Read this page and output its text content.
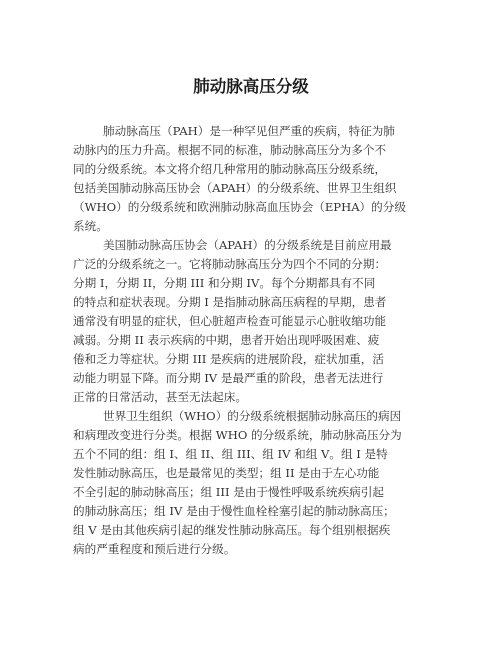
肺动脉高压分级
肺动脉高压（PAH）是一种罕见但严重的疾病，特征为肺
动脉内的压力升高。根据不同的标准，肺动脉高压分为多个不
同的分级系统。本文将介绍几种常用的肺动脉高压分级系统，
包括美国肺动脉高压协会（APAH）的分级系统、世界卫生组织
（WHO）的分级系统和欧洲肺动脉高血压协会（EPHA）的分级
系统。
美国肺动脉高压协会（APAH）的分级系统是目前应用最
广泛的分级系统之一。它将肺动脉高压分为四个不同的分期：
分期 I，分期 II，分期 III 和分期 IV。每个分期都具有不同
的特点和症状表现。分期 I 是指肺动脉高压病程的早期，患者
通常没有明显的症状，但心脏超声检查可能显示心脏收缩功能
减弱。分期 II 表示疾病的中期，患者开始出现呼吸困难、疲
倦和乏力等症状。分期 III 是疾病的进展阶段，症状加重，活
动能力明显下降。而分期 IV 是最严重的阶段，患者无法进行
正常的日常活动，甚至无法起床。
世界卫生组织（WHO）的分级系统根据肺动脉高压的病因
和病理改变进行分类。根据 WHO 的分级系统，肺动脉高压分为
五个不同的组：组 I、组 II、组 III、组 IV 和组 V。组 I 是特
发性肺动脉高压，也是最常见的类型；组 II 是由于左心功能
不全引起的肺动脉高压；组 III 是由于慢性呼吸系统疾病引起
的肺动脉高压；组 IV 是由于慢性血栓栓塞引起的肺动脉高压；
组 V 是由其他疾病引起的继发性肺动脉高压。每个组别根据疾
病的严重程度和预后进行分级。
